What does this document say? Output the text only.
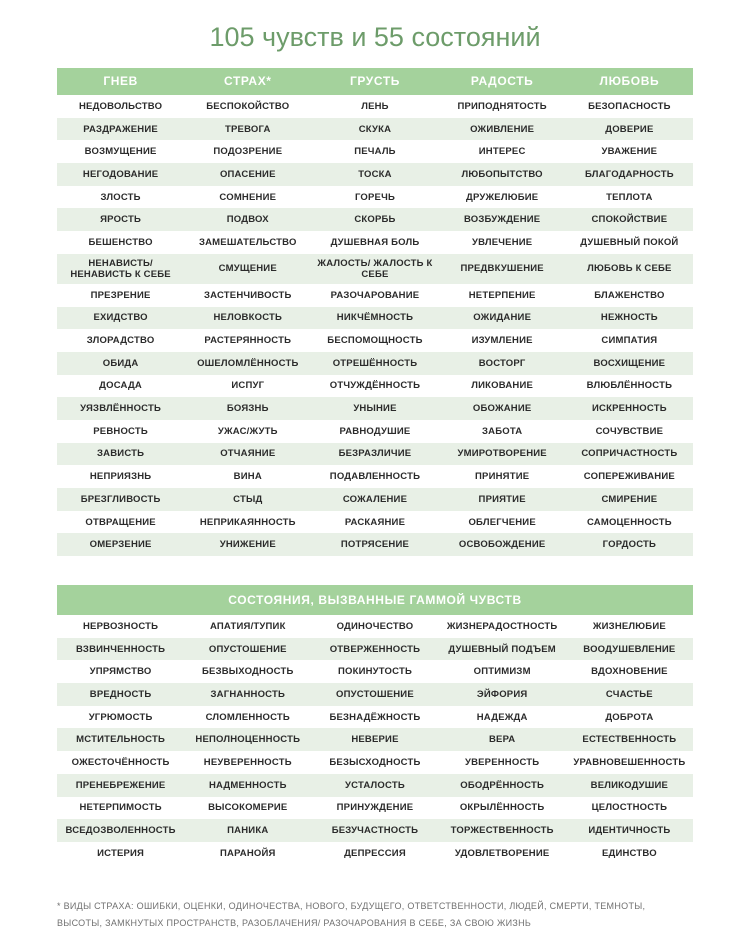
105 чувств и 55 состояний
ГНЕВ	СТРАХ*	ГРУСТЬ	РАДОСТЬ	ЛЮБОВЬ
НЕДОВОЛЬСТВО	БЕСПОКОЙСТВО	ЛЕНЬ	ПРИПОДНЯТОСТЬ	БЕЗОПАСНОСТЬ
РАЗДРАЖЕНИЕ	ТРЕВОГА	СКУКА	ОЖИВЛЕНИЕ	ДОВЕРИЕ
ВОЗМУЩЕНИЕ	ПОДОЗРЕНИЕ	ПЕЧАЛЬ	ИНТЕРЕС	УВАЖЕНИЕ
НЕГОДОВАНИЕ	ОПАСЕНИЕ	ТОСКА	ЛЮБОПЫТСТВО	БЛАГОДАРНОСТЬ
ЗЛОСТЬ	СОМНЕНИЕ	ГОРЕЧЬ	ДРУЖЕЛЮБИЕ	ТЕПЛОТА
ЯРОСТЬ	ПОДВОХ	СКОРБЬ	ВОЗБУЖДЕНИЕ	СПОКОЙСТВИЕ
БЕШЕНСТВО	ЗАМЕШАТЕЛЬСТВО	ДУШЕВНАЯ БОЛЬ	УВЛЕЧЕНИЕ	ДУШЕВНЫЙ ПОКОЙ
НЕНАВИСТЬ/ НЕНАВИСТЬ К СЕБЕ	СМУЩЕНИЕ	ЖАЛОСТЬ/ ЖАЛОСТЬ К СЕБЕ	ПРЕДВКУШЕНИЕ	ЛЮБОВЬ К СЕБЕ
ПРЕЗРЕНИЕ	ЗАСТЕНЧИВОСТЬ	РАЗОЧАРОВАНИЕ	НЕТЕРПЕНИЕ	БЛАЖЕНСТВО
ЕХИДСТВО	НЕЛОВКОСТЬ	НИКЧЁМНОСТЬ	ОЖИДАНИЕ	НЕЖНОСТЬ
ЗЛОРАДСТВО	РАСТЕРЯННОСТЬ	БЕСПОМОЩНОСТЬ	ИЗУМЛЕНИЕ	СИМПАТИЯ
ОБИДА	ОШЕЛОМЛЁННОСТЬ	ОТРЕШЁННОСТЬ	ВОСТОРГ	ВОСХИЩЕНИЕ
ДОСАДА	ИСПУГ	ОТЧУЖДЁННОСТЬ	ЛИКОВАНИЕ	ВЛЮБЛЁННОСТЬ
УЯЗВЛЁННОСТЬ	БОЯЗНЬ	УНЫНИЕ	ОБОЖАНИЕ	ИСКРЕННОСТЬ
РЕВНОСТЬ	УЖАС/ЖУТЬ	РАВНОДУШИЕ	ЗАБОТА	СОЧУВСТВИЕ
ЗАВИСТЬ	ОТЧАЯНИЕ	БЕЗРАЗЛИЧИЕ	УМИРОТВОРЕНИЕ	СОПРИЧАСТНОСТЬ
НЕПРИЯЗНЬ	ВИНА	ПОДАВЛЕННОСТЬ	ПРИНЯТИЕ	СОПЕРЕЖИВАНИЕ
БРЕЗГЛИВОСТЬ	СТЫД	СОЖАЛЕНИЕ	ПРИЯТИЕ	СМИРЕНИЕ
ОТВРАЩЕНИЕ	НЕПРИКАЯННОСТЬ	РАСКАЯНИЕ	ОБЛЕГЧЕНИЕ	САМОЦЕННОСТЬ
ОМЕРЗЕНИЕ	УНИЖЕНИЕ	ПОТРЯСЕНИЕ	ОСВОБОЖДЕНИЕ	ГОРДОСТЬ
СОСТОЯНИЯ, ВЫЗВАННЫЕ ГАММОЙ ЧУВСТВ				
НЕРВОЗНОСТЬ	АПАТИЯ/ТУПИК	ОДИНОЧЕСТВО	ЖИЗНЕРАДОСТНОСТЬ	ЖИЗНЕЛЮБИЕ
ВЗВИНЧЕННОСТЬ	ОПУСТОШЕНИЕ	ОТВЕРЖЕННОСТЬ	ДУШЕВНЫЙ ПОДЪЕМ	ВООДУШЕВЛЕНИЕ
УПРЯМСТВО	БЕЗВЫХОДНОСТЬ	ПОКИНУТОСТЬ	ОПТИМИЗМ	ВДОХНОВЕНИЕ
ВРЕДНОСТЬ	ЗАГНАННОСТЬ	ОПУСТОШЕНИЕ	ЭЙФОРИЯ	СЧАСТЬЕ
УГРЮМОСТЬ	СЛОМЛЕННОСТЬ	БЕЗНАДЁЖНОСТЬ	НАДЕЖДА	ДОБРОТА
МСТИТЕЛЬНОСТЬ	НЕПОЛНОЦЕННОСТЬ	НЕВЕРИЕ	ВЕРА	ЕСТЕСТВЕННОСТЬ
ОЖЕСТОЧЁННОСТЬ	НЕУВЕРЕННОСТЬ	БЕЗЫСХОДНОСТЬ	УВЕРЕННОСТЬ	УРАВНОВЕШЕННОСТЬ
ПРЕНЕБРЕЖЕНИЕ	НАДМЕННОСТЬ	УСТАЛОСТЬ	ОБОДРЁННОСТЬ	ВЕЛИКОДУШИЕ
НЕТЕРПИМОСТЬ	ВЫСОКОМЕРИЕ	ПРИНУЖДЕНИЕ	ОКРЫЛЁННОСТЬ	ЦЕЛОСТНОСТЬ
ВСЕДОЗВОЛЕННОСТЬ	ПАНИКА	БЕЗУЧАСТНОСТЬ	ТОРЖЕСТВЕННОСТЬ	ИДЕНТИЧНОСТЬ
ИСТЕРИЯ	ПАРАНОЙЯ	ДЕПРЕССИЯ	УДОВЛЕТВОРЕНИЕ	ЕДИНСТВО
* ВИДЫ СТРАХА: ОШИБКИ, ОЦЕНКИ, ОДИНОЧЕСТВА, НОВОГО, БУДУЩЕГО, ОТВЕТСТВЕННОСТИ, ЛЮДЕЙ, СМЕРТИ, ТЕМНОТЫ,
ВЫСОТЫ, ЗАМКНУТЫХ ПРОСТРАНСТВ, РАЗОБЛАЧЕНИЯ/ РАЗОЧАРОВАНИЯ В СЕБЕ, ЗА СВОЮ ЖИЗНЬ
